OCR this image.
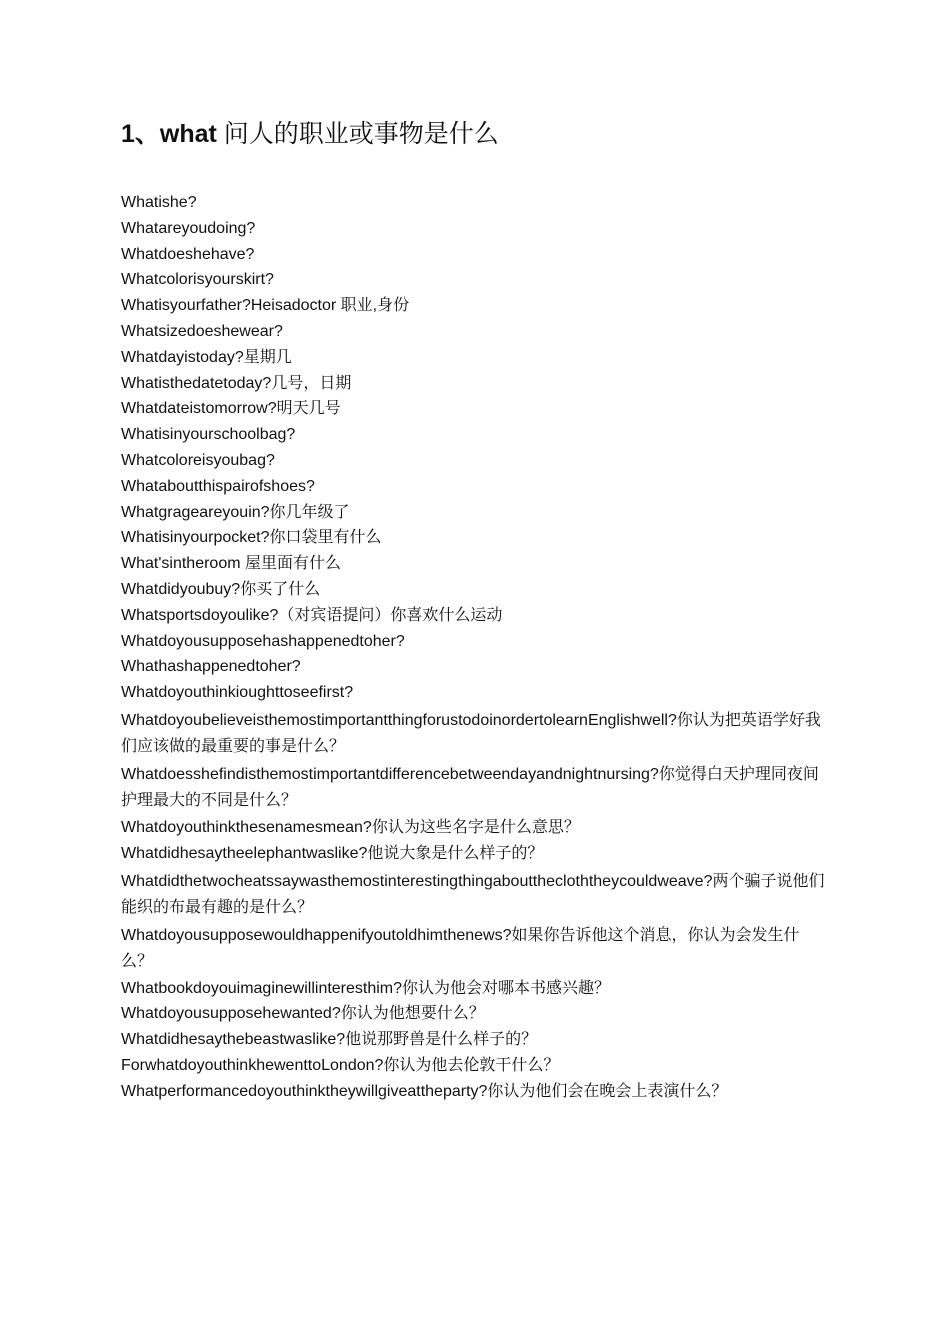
1、what 问人的职业或事物是什么
Whatishe?
Whatareyoudoing?
Whatdoeshehave?
Whatcolorisyourskirt?
Whatisyourfather?Heisadoctor 职业,身份
Whatsizedoeshewear?
Whatdayistoday?星期几
Whatisthedatetoday?几号，日期
Whatdateistomorrow?明天几号
Whatisinyourschoolbag?
Whatcoloreisyoubag?
Whataboutthispairofshoes?
Whatgrageareyouin?你几年级了
Whatisinyourpocket?你口袋里有什么
What'sintheroom 屋里面有什么
Whatdidyoubuy?你买了什么
Whatsportsdoyoulike?（对宾语提问）你喜欢什么运动
Whatdoyousupposehashappenedtoher?
Whathashappenedtoher?
Whatdoyouthinkioughttoseefirst?
WhatdoyoubelieveisthemostimportantthingforustodoinordertolearnEnglishwell?你认为把英语学好我们应该做的最重要的事是什么？
Whatdoesshefindisthemostimportantdifferencebetweendayandnightnursing?你觉得白天护理同夜间护理最大的不同是什么？
Whatdoyouthinkthesenamesmean?你认为这些名字是什么意思？
Whatdidhesaytheelephantwaslike?他说大象是什么样子的？
Whatdidthetwocheatssaywasthemostinterestingthingaboutthecloththeycouldweave?两个骗子说他们能织的布最有趣的是什么？
Whatdoyousupposewouldhappenifyoutoldhimthenews?如果你告诉他这个消息，你认为会发生什么？
Whatbookdoyouimaginewillinteresthim?你认为他会对哪本书感兴趣？
Whatdoyousupposehewanted?你认为他想要什么？
Whatdidhesaythebeastwaslike?他说那野兽是什么样子的？
ForwhatdoyouthinkhewenttoLondon?你认为他去伦敦干什么？
Whatperformancedoyouthinktheywillgiveattheparty?你认为他们会在晚会上表演什么？
